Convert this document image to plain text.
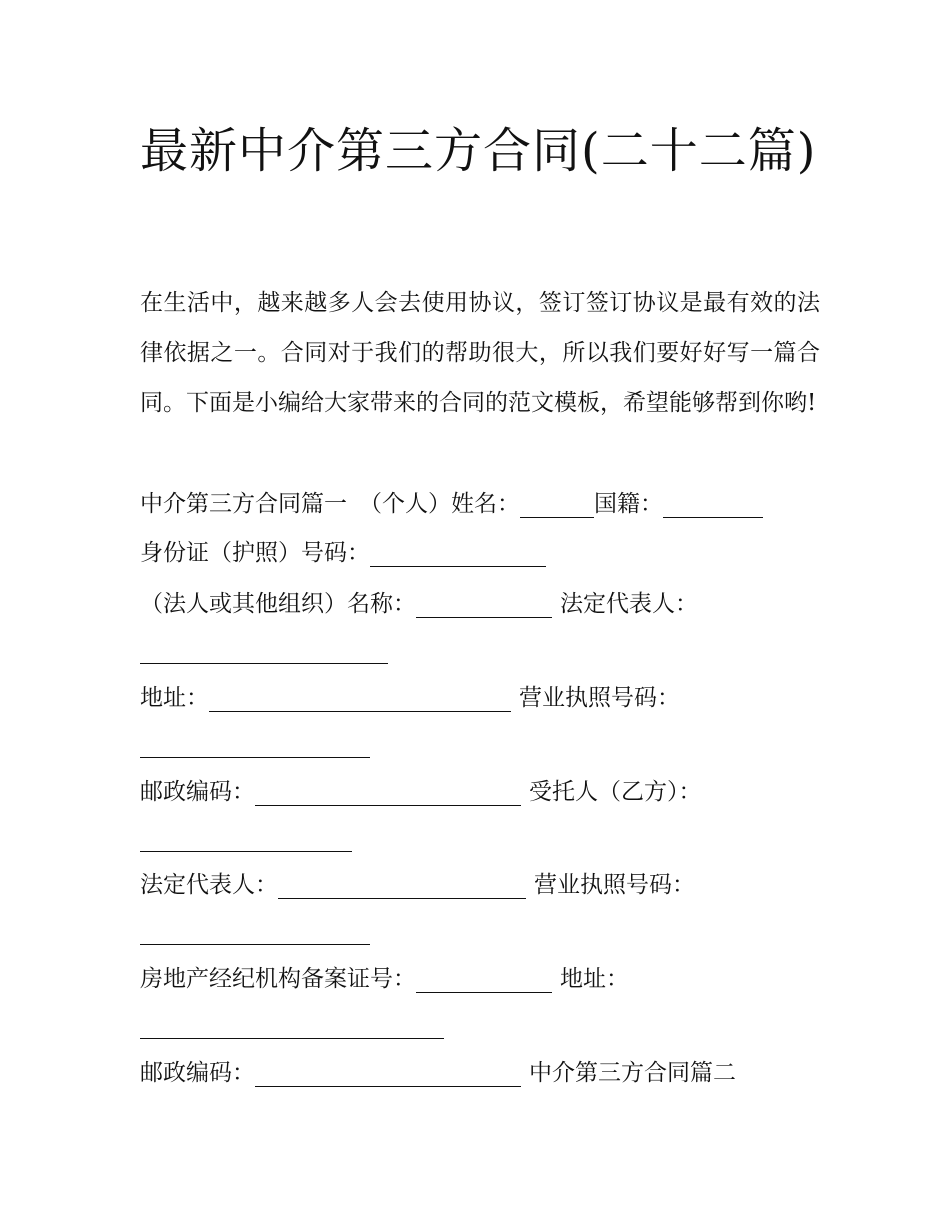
最新中介第三方合同(二十二篇)

在生活中，越来越多人会去使用协议，签订签订协议是最有效的法律依据之一。合同对于我们的帮助很大，所以我们要好好写一篇合同。下面是小编给大家带来的合同的范文模板，希望能够帮到你哟!

中介第三方合同篇一 （个人）姓名：	国籍：
身份证（护照）号码：
（法人或其他组织）名称：	法定代表人：
地址：	营业执照号码：
邮政编码：	受托人（乙方）：
法定代表人：	营业执照号码：
房地产经纪机构备案证号：	地址：
邮政编码：	中介第三方合同篇二
